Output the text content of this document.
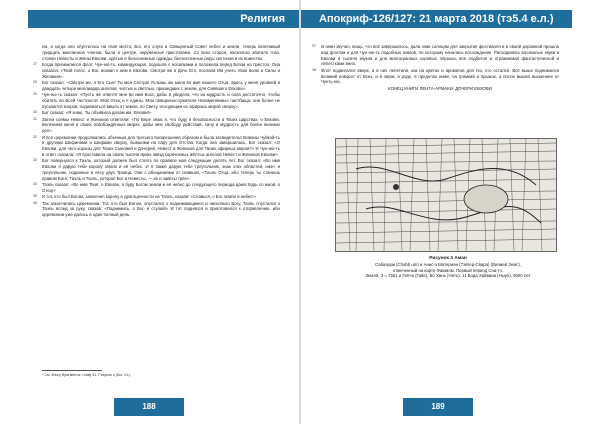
Религия
ем, и когда оно опустилось на своё место, Бог, его слуги и Священный Совет небес и земли, теперь величавый тридцать миллионов членов, были в центре, окружённые престолами. Со всех сторон, насколько хватало глаз, стояли Невесты и Жёны Евхови, одетые в белоснежные одежды, бесчисленные ряды сектонов и их воинство.
27 Когда приземлился флот, Чун-ню-ть, командующая, подошла с носилками и положила перед Богом на престол. Она сказала: «Твой голос, о Бог, возвал к ним в Евхови. Смотри же в Дочь Его, послана Им учить твою волю и Силы и Желания».
28 Бог сказал: «Смотри же, я Его Сын! Ты моя Сестра! Услышь же меня во имя нашего Отца. Здесь у меня уровней в двадцать четыре миллиарда ангелов, чистых и светлых, пришедших с земли, для Сиявшего Евхови».
29 Чун-ню-ть сказал: «Пусть же ответят мне во имя Бога, дабы я увидела, что их мудрость и сила достаточно, чтобы обитать во Всей Честности. Мой Отец и я едины. Мои священнослужители Неизменяемые пастбища, они более не пускаются взоров, подниматься ввысь от земли, по Свету, исходящим из эфирных миров сверху».
30 Бог сказал: «Я знаю, Ты объявила делам им, Евхови!»
31 Затем сонмы Невест и Женихов ответили: «По Вере знаю я, что буду я безопасности в Твоих царствах, о Евхови. Велением меня в своих освобождённых мирах, дабы мне свободу действий, силу и мудрость для более великих дел».
32 И все церемонии продолжались обычным для третьего воскрешения образом и была засвидетельствованы Чуйкой-ть и другими Шефинами и Шефами сверху, бывшими на пару для Отства. Когда она завершилась, Бог сказал: «О Евхови, для чего короны для Твоих Сыновей и Дочерей, Невест и Женихов для Твоих эфирных миров?» И Чун-ню-ть в ответ сказала: «Я проставила на своих тысячи ярких звёзд коричневых жёлтых ангелов Невест и Женихов Евхови».
33 Бог повернулся к Таэль, который должен был стоять по правиле моя следующие десять лет. Бог сказал: «Во имя Евхови я дарую тебе корону земли и её небес. И я также дарую тебе треугольник, знак этих областей, иже» и треугольник, поданные в лесу двух Троица. Они с обещаниями от сиявших, «Таэль Отца, ибо теперь ты станешь правом Бога, Таэль и Таэль, которое Бог и Невесты, — их и заветы трёх».
34 Таэль сказал: «Во имя Твоё, о Евхови, я буду Богом земли и её небес до следующего периода дана! Будь со мной, о Отец!»
35 И тот, кто был Богом, заключил корону и драгоценности на Таэль, сказав: «Славься, о Бог земли и небес!»
36 Так закончились церемонии. Тот, кто был Богом, опустился к поднимающимся и нисколько Богу, Таэль спустился к Таэль вслед за руку, сказав: «Поднимись, о Бог, и ступай!» И тот поднялся и приготовился к отправлению, ибо церемонии уже дались в один полный день.
* См. Книгу Фрагменты: главу 41. Рисунок 4 (Бог 4:1).
188
Апокриф-126/127: 21 марта 2018 (тэ5.4 е.л.)
37 И гимн звучал, вещь, что всё завершалось, дала знак солнцам для закрытия фестиваля и в своей дорожной прошла над флотом и для Чун-ню-ть подобных знаков, по которому начались восхождение. Расходились восхвалые звуки в Евхови и тысячи звуков и для многогранных хоровых. Музыка, всё подбитое и отражаемая фантастической и лепестками вниз.
38 Флот подвигался вверх, а в них лепетили, как на цветах и ароматов для тех, кто остался. Всё выше поднимался великий поворот от Всех, и в звуки, в роде, в пределах ниже, на громкий и прыжок, а после вышел вышеннее от Чунть-ню.
КОНЕЦ КНИГИ ЛЕНТА-АРМАКИ, ДОЧЕРИ ЕВХОВИ
Рисунок 3 Аман
Сабаэрум (Chubb um) и Анис-э Материан (Тэйгер-Свара) (Вилией Земс),
отмеченный на карте Фаюмом. Первый период Сна-тэ.
Земля, З = 7551 и Гипча (Гайе), Бо Хань (Нить), 11 Вода Хайвана (Ныуп), 6000 лет
189
